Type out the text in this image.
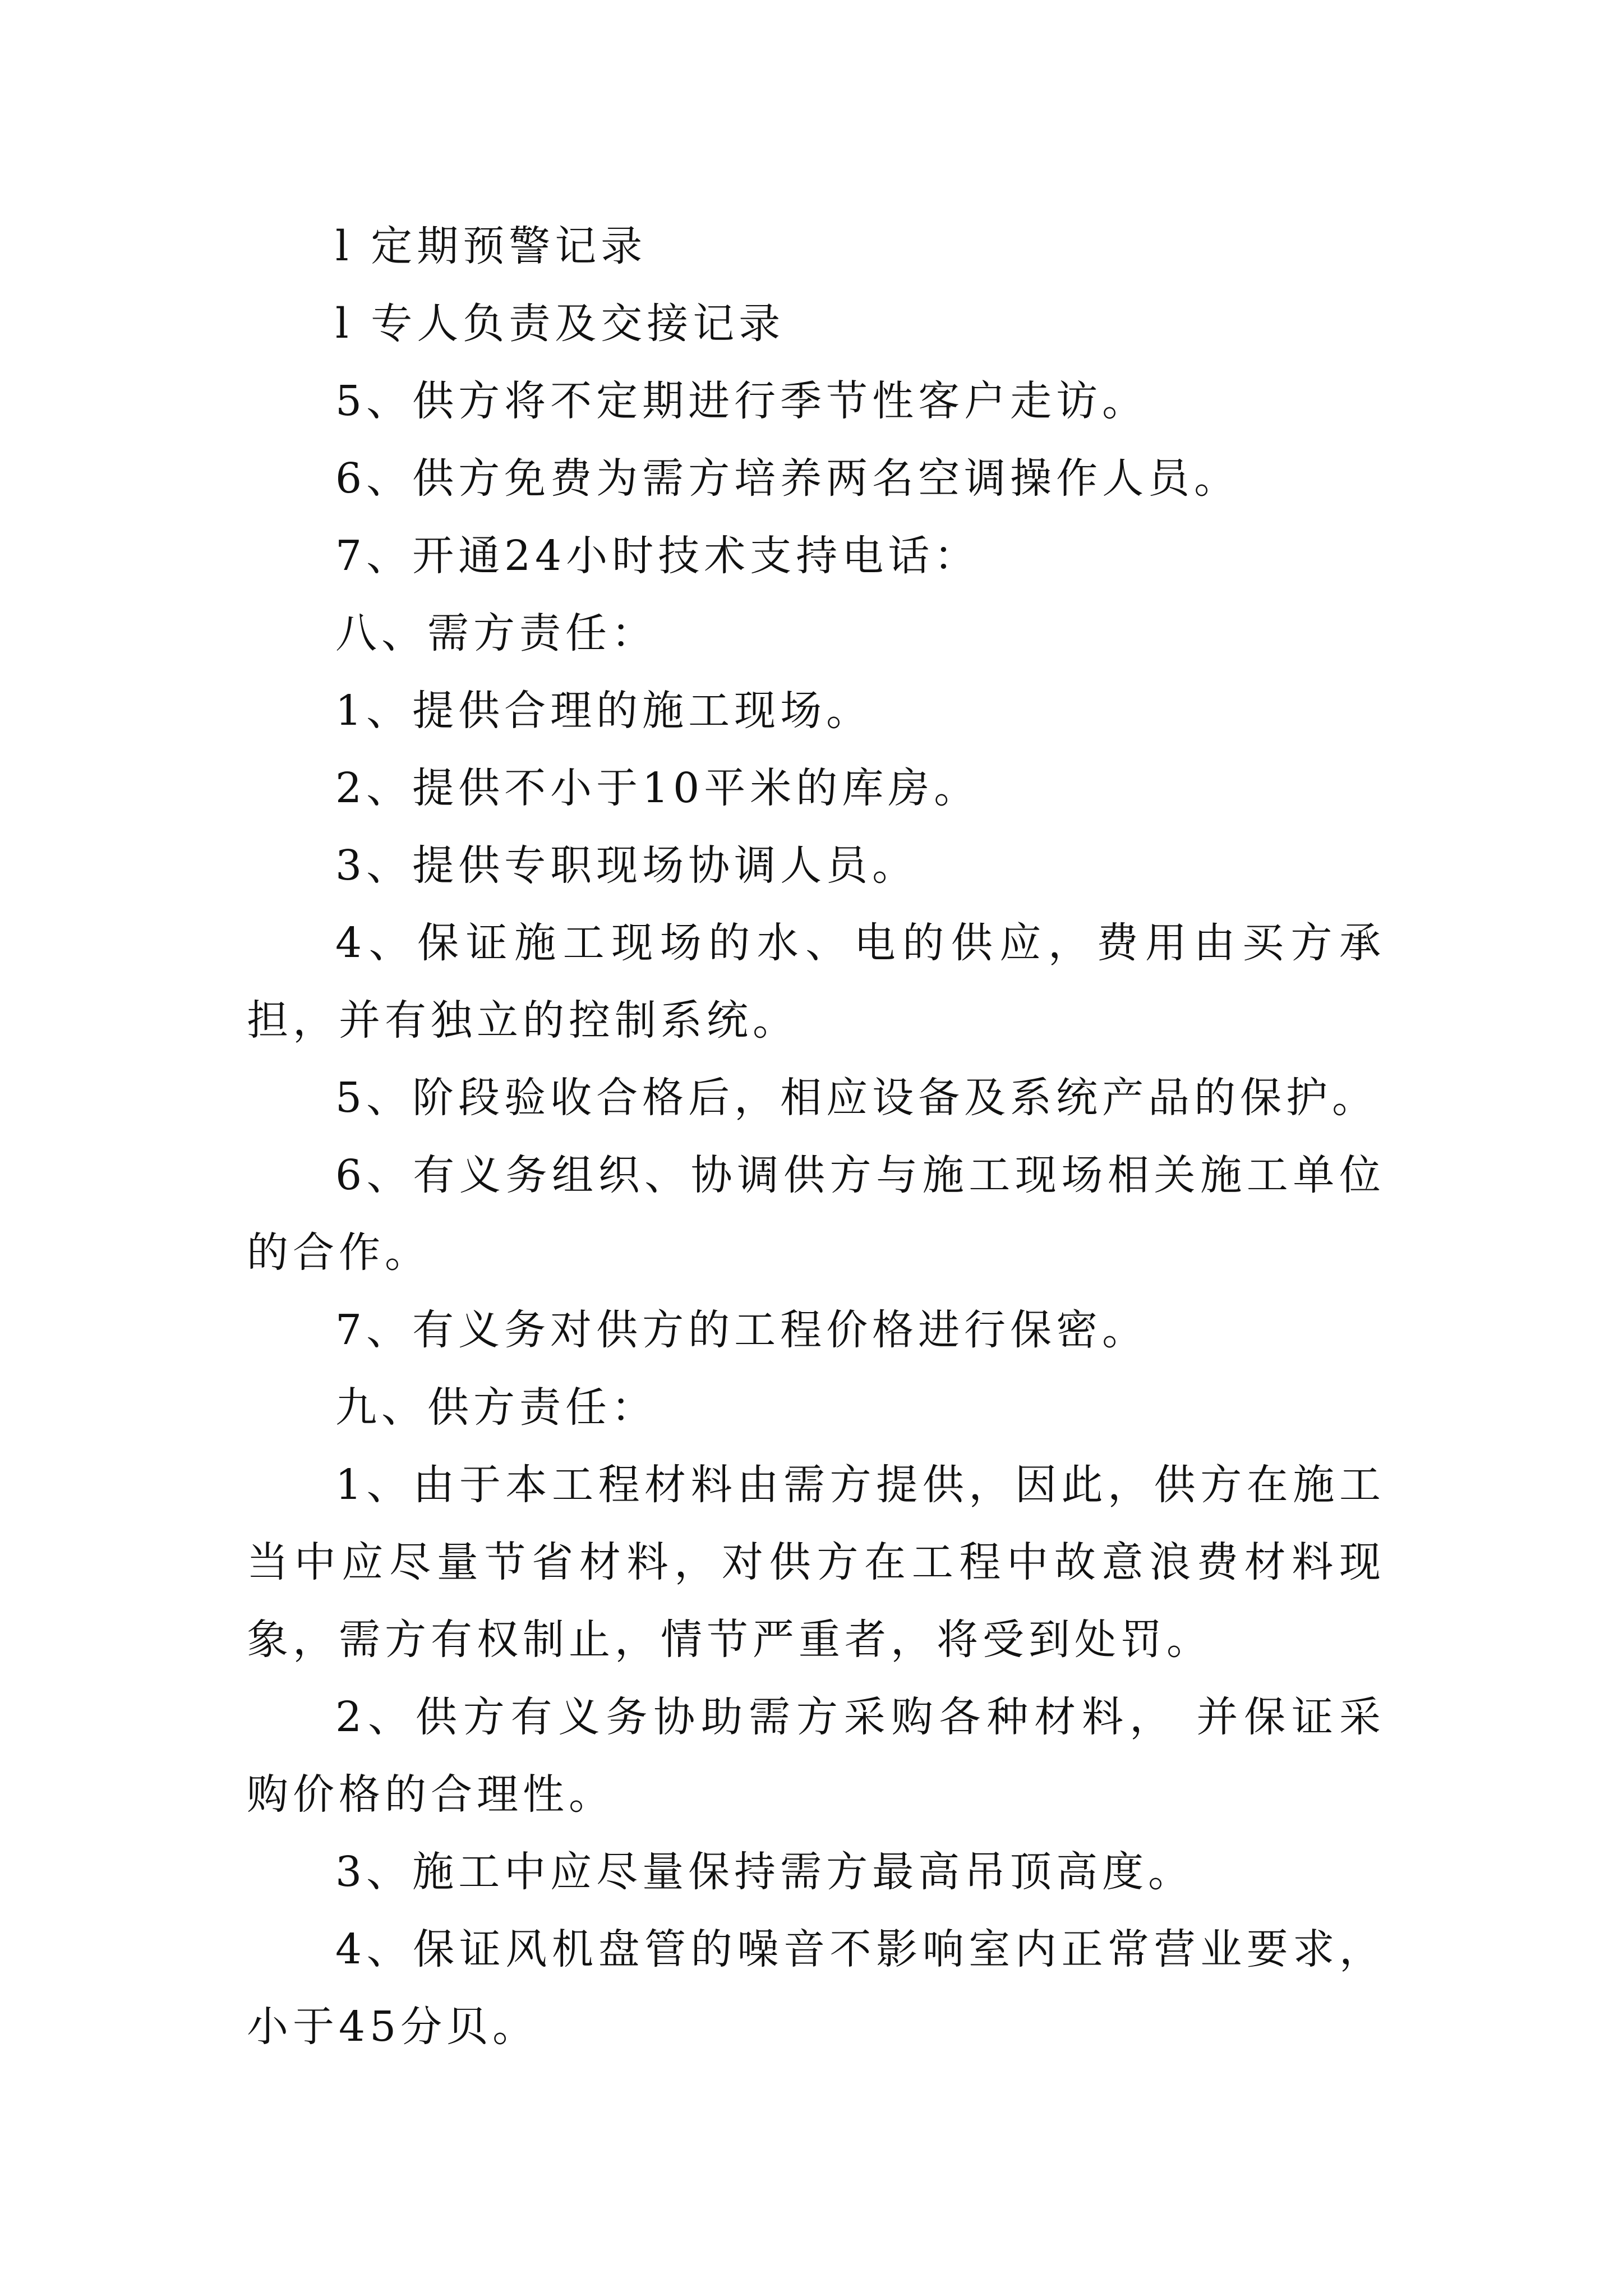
l 定期预警记录

l 专人负责及交接记录

5、供方将不定期进行季节性客户走访。

6、供方免费为需方培养两名空调操作人员。

7、开通24小时技术支持电话：

八、需方责任：

1、提供合理的施工现场。

2、提供不小于10平米的库房。

3、提供专职现场协调人员。

4、保证施工现场的水、电的供应，费用由买方承担，并有独立的控制系统。

5、阶段验收合格后，相应设备及系统产品的保护。

6、有义务组织、协调供方与施工现场相关施工单位的合作。

7、有义务对供方的工程价格进行保密。

九、供方责任：

1、由于本工程材料由需方提供，因此，供方在施工当中应尽量节省材料，对供方在工程中故意浪费材料现象，需方有权制止，情节严重者，将受到处罚。

2、供方有义务协助需方采购各种材料， 并保证采购价格的合理性。

3、施工中应尽量保持需方最高吊顶高度。

4、保证风机盘管的噪音不影响室内正常营业要求，小于45分贝。
